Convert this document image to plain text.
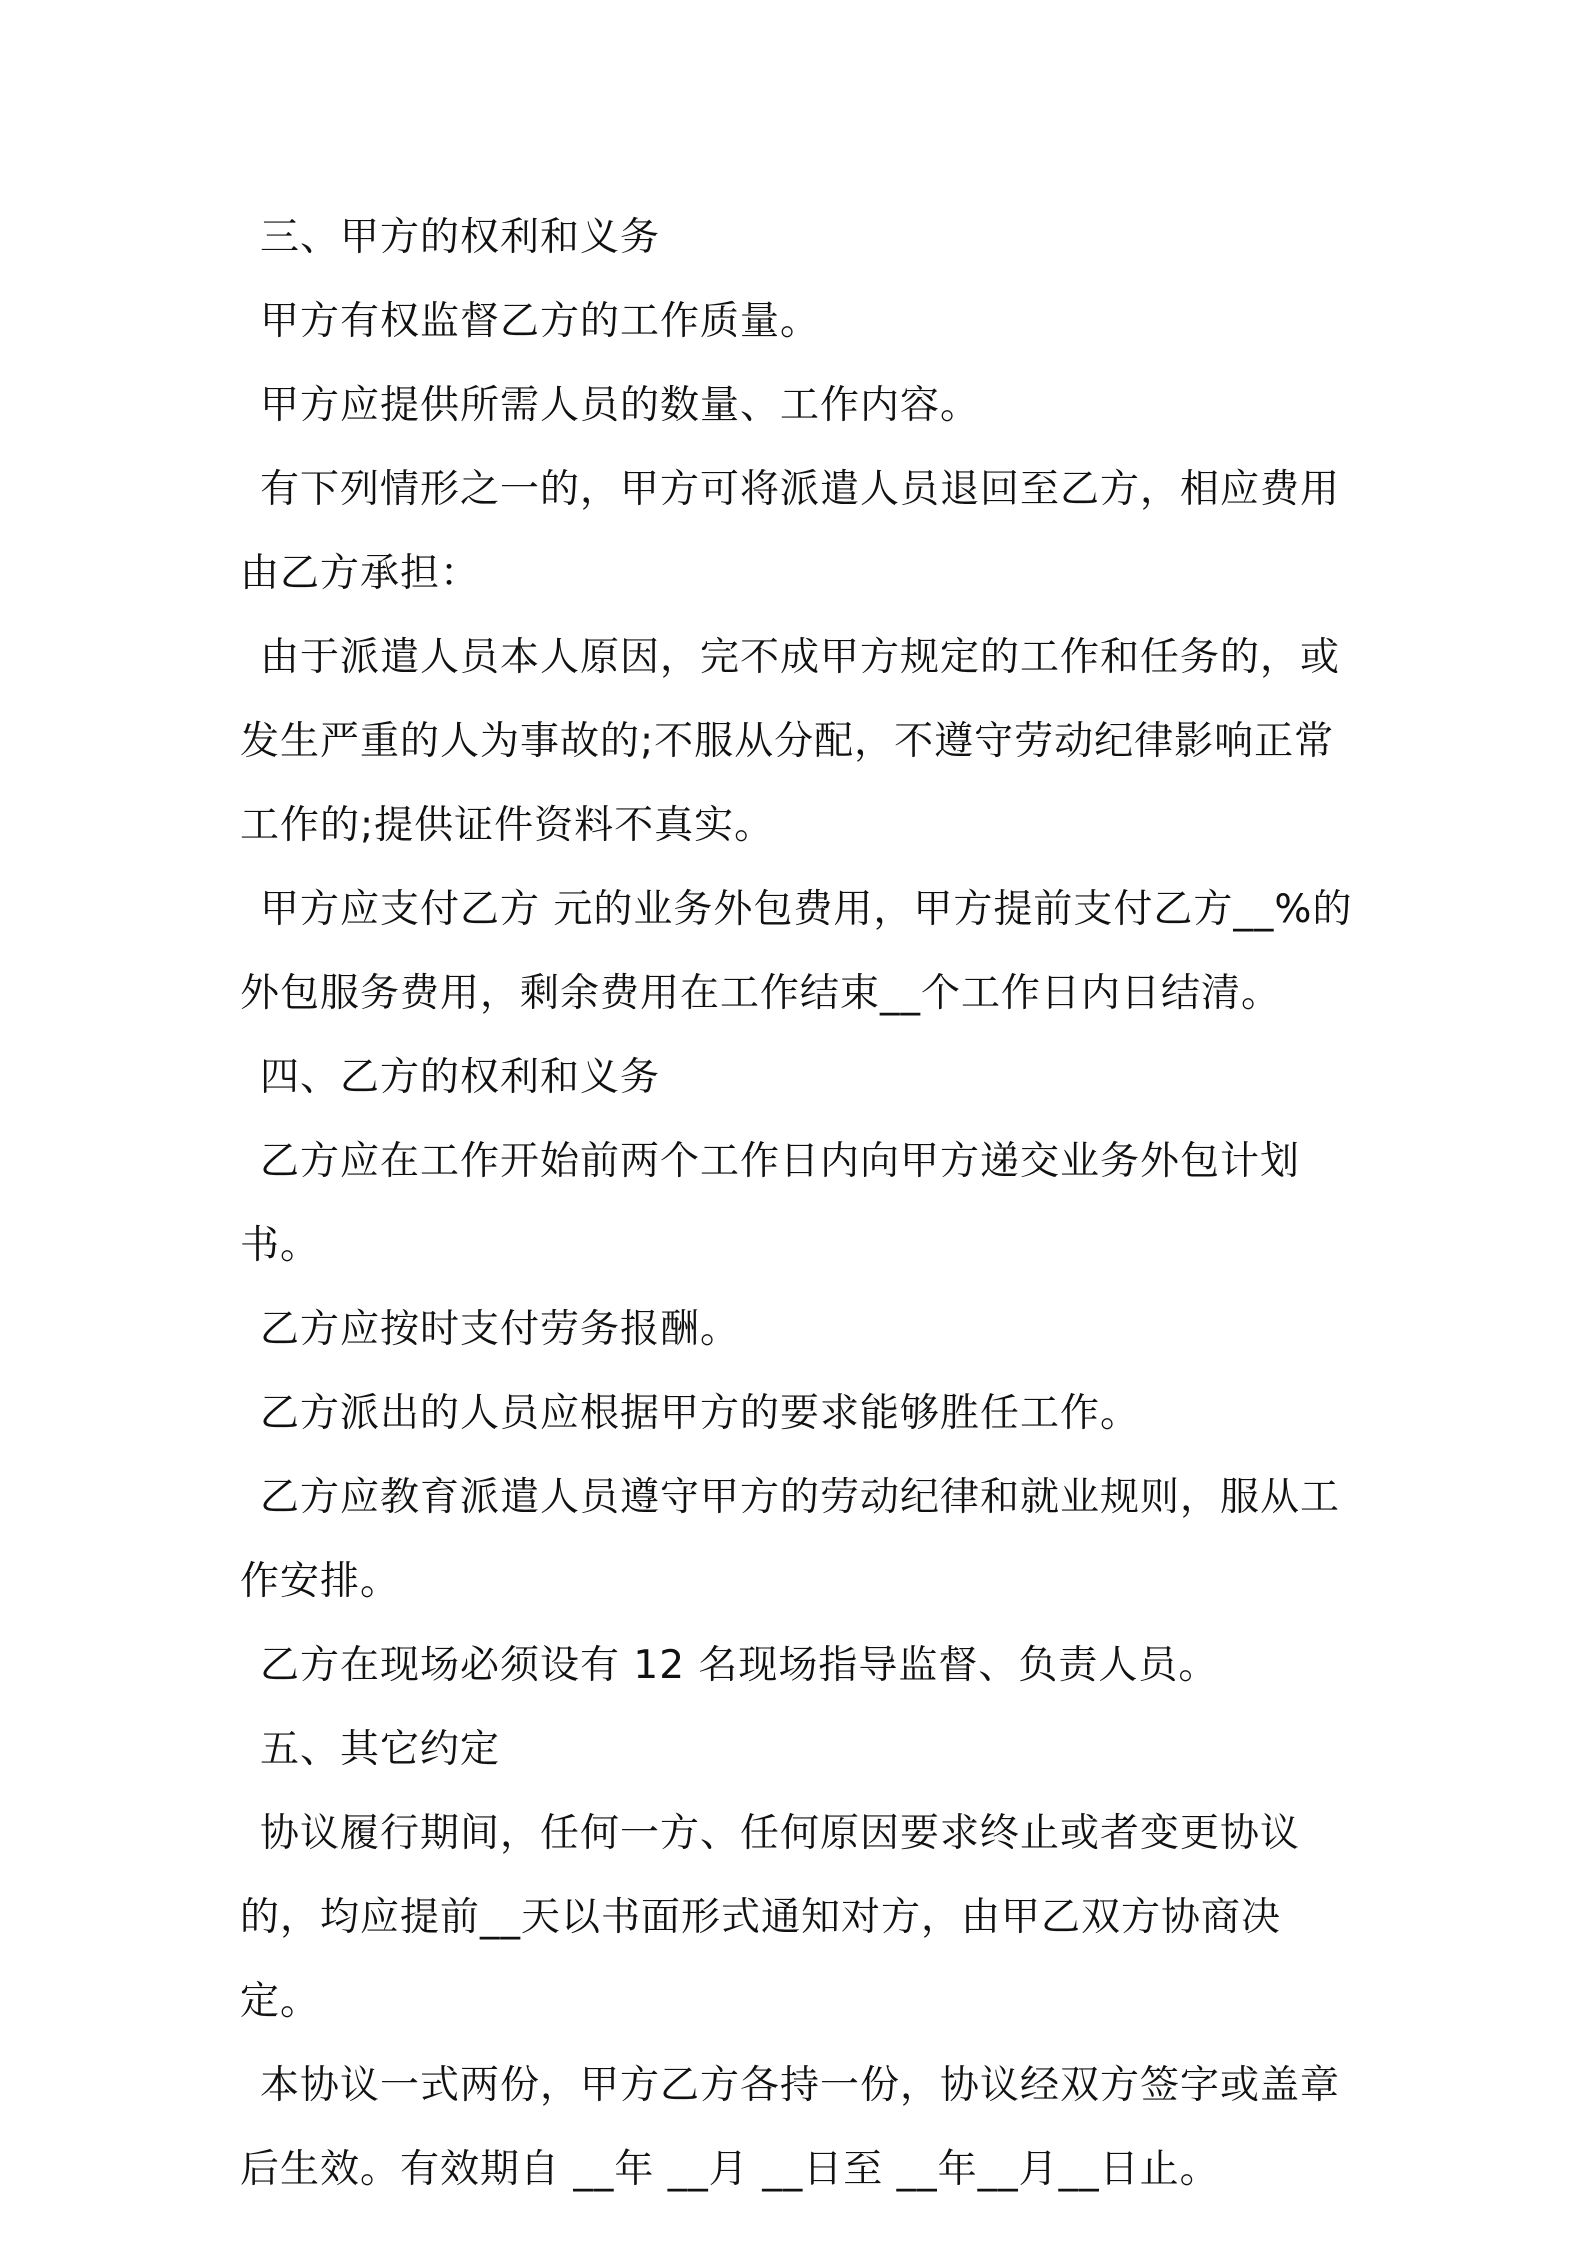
三、甲方的权利和义务

甲方有权监督乙方的工作质量。

甲方应提供所需人员的数量、工作内容。

有下列情形之一的，甲方可将派遣人员退回至乙方，相应费用由乙方承担：

由于派遣人员本人原因，完不成甲方规定的工作和任务的，或发生严重的人为事故的;不服从分配，不遵守劳动纪律影响正常工作的;提供证件资料不真实。

甲方应支付乙方 元的业务外包费用，甲方提前支付乙方__%的外包服务费用，剩余费用在工作结束__个工作日内日结清。

四、乙方的权利和义务

乙方应在工作开始前两个工作日内向甲方递交业务外包计划书。

乙方应按时支付劳务报酬。

乙方派出的人员应根据甲方的要求能够胜任工作。

乙方应教育派遣人员遵守甲方的劳动纪律和就业规则，服从工作安排。

乙方在现场必须设有 12 名现场指导监督、负责人员。

五、其它约定

协议履行期间，任何一方、任何原因要求终止或者变更协议的，均应提前__天以书面形式通知对方，由甲乙双方协商决定。

本协议一式两份，甲方乙方各持一份，协议经双方签字或盖章后生效。有效期自 __年 __月 __日至 __年__月__日止。
